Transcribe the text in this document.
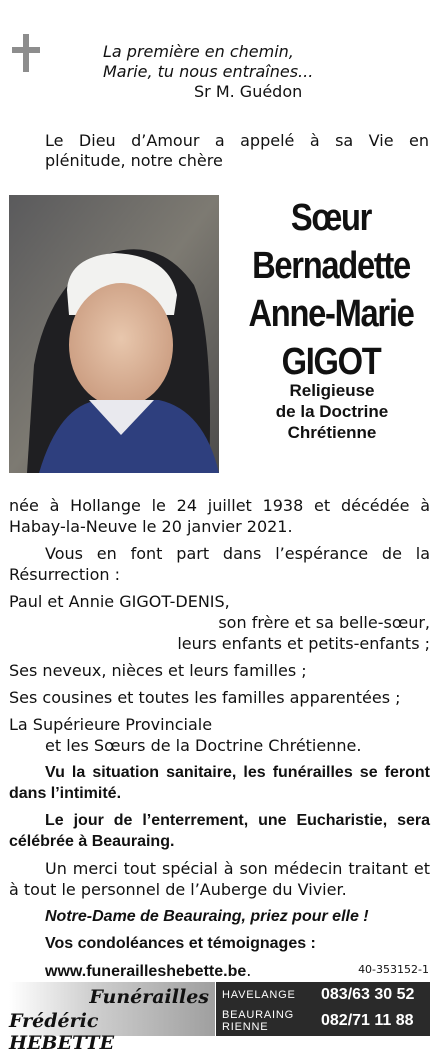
La première en chemin,
Marie, tu nous entraînes...
Sr M. Guédon
Le Dieu d’Amour a appelé à sa Vie en plénitude, notre chère
Sœur
Bernadette
Anne-Marie
GIGOT
Religieuse
de la Doctrine
Chrétienne
née à Hollange le 24 juillet 1938 et décédée à Habay-la-Neuve le 20 janvier 2021.
Vous en font part dans l’espérance de la Résurrection :
Paul et Annie GIGOT-DENIS,
son frère et sa belle-sœur,
leurs enfants et petits-enfants ;
Ses neveux, nièces et leurs familles ;
Ses cousines et toutes les familles apparentées ;
La Supérieure Provinciale
et les Sœurs de la Doctrine Chrétienne.
Vu la situation sanitaire, les funérailles se feront dans l’intimité.
Le jour de l’enterrement, une Eucharistie, sera célébrée à Beauraing.
Un merci tout spécial à son médecin traitant et à tout le personnel de l’Auberge du Vivier.
Notre-Dame de Beauraing, priez pour elle !
Vos condoléances et témoignages :
www.funerailleshebette.be.	40-353152-1
Funérailles
Frédéric HEBETTE
HAVELANGE 083/63 30 52
BEAURAING
RIENNE	082/71 11 88
